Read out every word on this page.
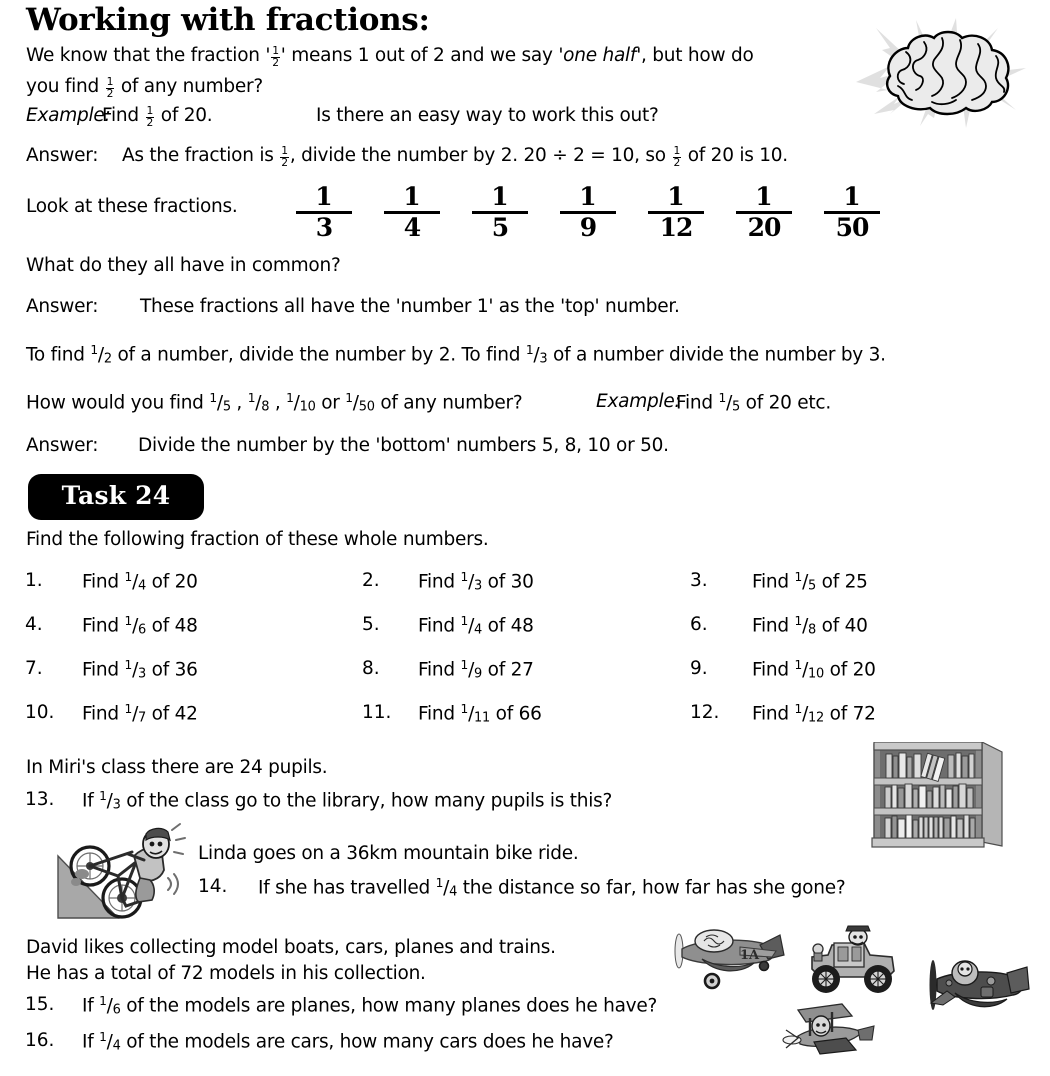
Working with fractions:
We know that the fraction ' $\frac{1}{2}$ ' means 1 out of 2 and we say 'one half', but how do
you find $\frac{1}{2}$ of any number?
Example:
Find $\frac{1}{2}$ of 20.	Is there an easy way to work this out?
Answer: As the fraction is $\frac{1}{2}$ , divide the number by 2. 20 ÷ 2 = 10, so $\frac{1}{2}$ of 20 is 10.
Look at these fractions.	1
3
1
4
1
5
1
9
1
12
1
20
1
50
What do they all have in common?
Answer: These fractions all have the 'number 1' as the 'top' number.
To find $^1$/2 of a number, divide the number by 2. To find $^1$/3 of a number divide the number by 3.
How would you find $^1$/5 , $^1$/8 , $^1$/10 or $^1$/50 of any number?	Example:
Find $^1$/5 of 20 etc.
Answer: Divide the number by the 'bottom' numbers 5, 8, 10 or 50.
Task 24
Find the following fraction of these whole numbers.
1. Find $^1$/4 of 20	2. Find $^1$/3 of 30	3. Find $^1$/5 of 25
4. Find $^1$/6 of 48	5. Find $^1$/4 of 48	6. Find $^1$/8 of 40
7. Find $^1$/3 of 36	8. Find $^1$/9 of 27	9. Find $^1$/10 of 20
10. Find $^1$/7 of 42	11. Find $^1$/11 of 66	12. Find $^1$/12 of 72
In Miri's class there are 24 pupils.
13. If $^1$/3 of the class go to the library, how many pupils is this?
Linda goes on a 36km mountain bike ride.
14. If she has travelled $^1$/4 the distance so far, how far has she gone?
David likes collecting model boats, cars, planes and trains.
He has a total of 72 models in his collection.
15. If $^1$/6 of the models are planes, how many planes does he have?
16. If $^1$/4 of the models are cars, how many cars does he have?
1A
